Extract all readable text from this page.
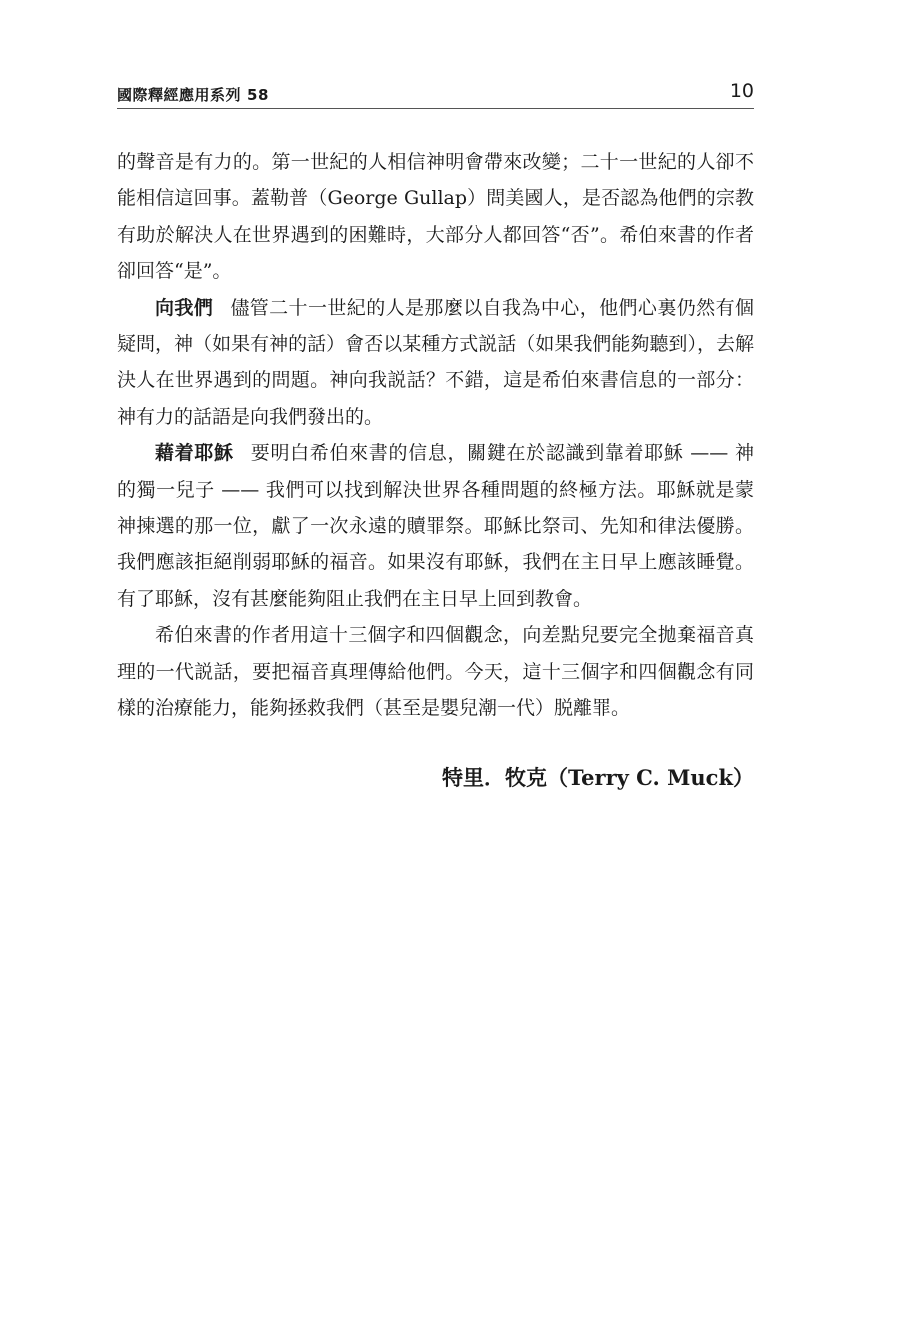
國際釋經應用系列 58	10

的聲音是有力的。第一世紀的人相信神明會帶來改變；二十一世紀的人卻不能相信這回事。蓋勒普（George Gullap）問美國人，是否認為他們的宗教有助於解決人在世界遇到的困難時，大部分人都回答“否”。希伯來書的作者卻回答“是”。

向我們 儘管二十一世紀的人是那麼以自我為中心，他們心裏仍然有個疑問，神（如果有神的話）會否以某種方式説話（如果我們能夠聽到），去解決人在世界遇到的問題。神向我説話？不錯，這是希伯來書信息的一部分：神有力的話語是向我們發出的。

藉着耶穌 要明白希伯來書的信息，關鍵在於認識到靠着耶穌 —— 神的獨一兒子 —— 我們可以找到解決世界各種問題的終極方法。耶穌就是蒙神揀選的那一位，獻了一次永遠的贖罪祭。耶穌比祭司、先知和律法優勝。我們應該拒絕削弱耶穌的福音。如果沒有耶穌，我們在主日早上應該睡覺。有了耶穌，沒有甚麼能夠阻止我們在主日早上回到教會。

希伯來書的作者用這十三個字和四個觀念，向差點兒要完全拋棄福音真理的一代説話，要把福音真理傳給他們。今天，這十三個字和四個觀念有同樣的治療能力，能夠拯救我們（甚至是嬰兒潮一代）脱離罪。

特里．牧克（Terry C. Muck）
